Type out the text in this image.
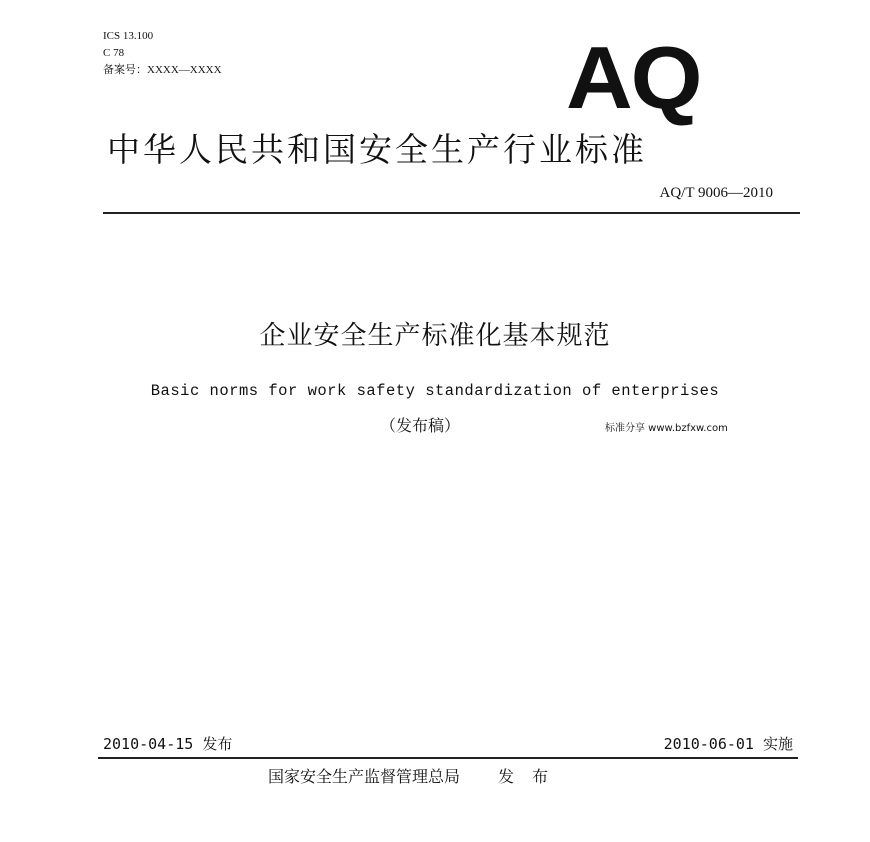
ICS 13.100
C 78
备案号：XXXX—XXXX	AQ
中华人民共和国安全生产行业标准
AQ/T 9006—2010
企业安全生产标准化基本规范
Basic norms for work safety standardization of enterprises
（发布稿）	标准分享 www.bzfxw.com
2010-04-15 发布	2010-06-01 实施
国家安全生产监督管理总局 发布
